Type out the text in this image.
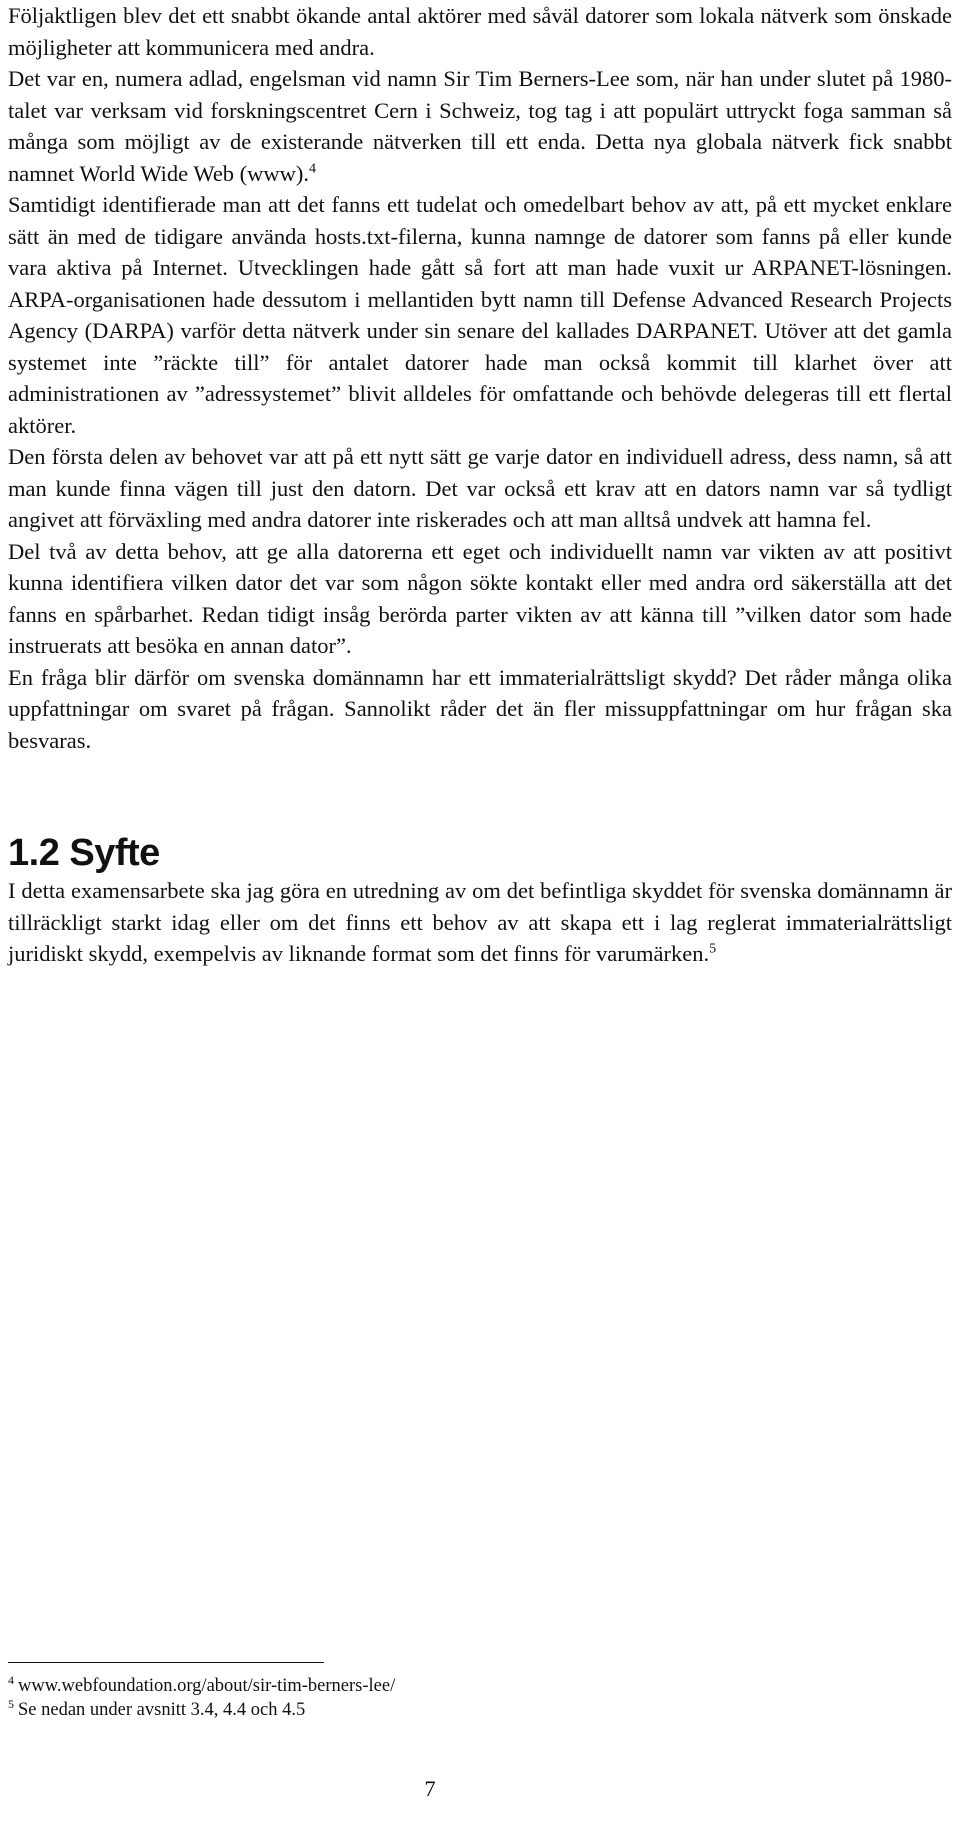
Följaktligen blev det ett snabbt ökande antal aktörer med såväl datorer som lokala nätverk som önskade möjligheter att kommunicera med andra.

Det var en, numera adlad, engelsman vid namn Sir Tim Berners-Lee som, när han under slutet på 1980-talet var verksam vid forskningscentret Cern i Schweiz, tog tag i att populärt uttryckt foga samman så många som möjligt av de existerande nätverken till ett enda. Detta nya globala nätverk fick snabbt namnet World Wide Web (www).$^4$

Samtidigt identifierade man att det fanns ett tudelat och omedelbart behov av att, på ett mycket enklare sätt än med de tidigare använda hosts.txt-filerna, kunna namnge de datorer som fanns på eller kunde vara aktiva på Internet. Utvecklingen hade gått så fort att man hade vuxit ur ARPANET-lösningen. ARPA-organisationen hade dessutom i mellantiden bytt namn till Defense Advanced Research Projects Agency (DARPA) varför detta nätverk under sin senare del kallades DARPANET. Utöver att det gamla systemet inte ”räckte till” för antalet datorer hade man också kommit till klarhet över att administrationen av ”adressystemet” blivit alldeles för omfattande och behövde delegeras till ett flertal aktörer.

Den första delen av behovet var att på ett nytt sätt ge varje dator en individuell adress, dess namn, så att man kunde finna vägen till just den datorn. Det var också ett krav att en dators namn var så tydligt angivet att förväxling med andra datorer inte riskerades och att man alltså undvek att hamna fel.

Del två av detta behov, att ge alla datorerna ett eget och individuellt namn var vikten av att positivt kunna identifiera vilken dator det var som någon sökte kontakt eller med andra ord säkerställa att det fanns en spårbarhet. Redan tidigt insåg berörda parter vikten av att känna till ”vilken dator som hade instruerats att besöka en annan dator”.

En fråga blir därför om svenska domännamn har ett immaterialrättsligt skydd? Det råder många olika uppfattningar om svaret på frågan. Sannolikt råder det än fler missuppfattningar om hur frågan ska besvaras.

1.2 Syfte

I detta examensarbete ska jag göra en utredning av om det befintliga skyddet för svenska domännamn är tillräckligt starkt idag eller om det finns ett behov av att skapa ett i lag reglerat immaterialrättsligt juridiskt skydd, exempelvis av liknande format som det finns för varumärken.$^5$

$^4$ www.webfoundation.org/about/sir-tim-berners-lee/

$^5$ Se nedan under avsnitt 3.4, 4.4 och 4.5

7
